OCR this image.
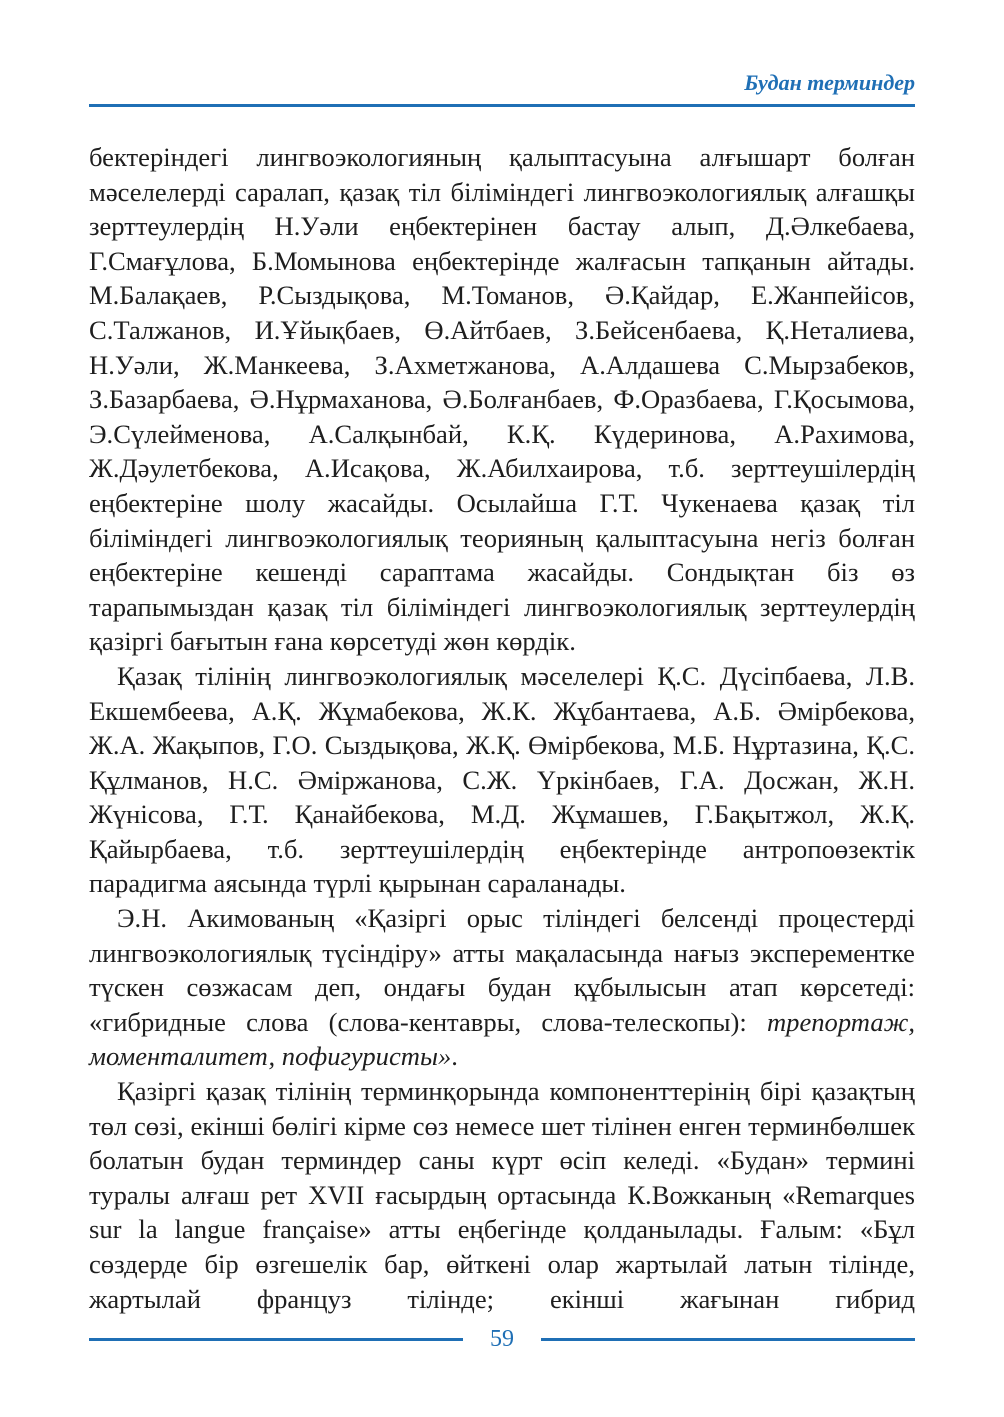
Будан терминдер

бектеріндегі лингвоэкологияның қалыптасуына алғышарт болған мәселелерді саралап, қазақ тіл біліміндегі лингвоэкологиялық алғашқы зерттеулердің Н.Уәли еңбектерінен бастау алып, Д.Әлкебаева, Г.Смағұлова, Б.Момынова еңбектерінде жалғасын тапқанын айтады. М.Балақаев, Р.Сыздықова, М.Томанов, Ә.Қайдар, Е.Жанпейісов, С.Талжанов, И.Ұйықбаев, Ө.Айтбаев, З.Бейсенбаева, Қ.Неталиева, Н.Уәли, Ж.Манкеева, З.Ахметжанова, А.Алдашева С.Мырзабеков, З.Базарбаева, Ә.Нұрмаханова, Ә.Болғанбаев, Ф.Оразбаева, Г.Қосымова, Э.Сүлейменова, А.Салқынбай, К.Қ. Күдеринова, А.Рахимова, Ж.Дәулетбекова, А.Исақова, Ж.Абилхаирова, т.б. зерттеушілердің еңбектеріне шолу жасайды. Осылайша Г.Т. Чукенаева қазақ тіл біліміндегі лингвоэкологиялық теорияның қалыптасуына негіз болған еңбектеріне кешенді сараптама жасайды. Сондықтан біз өз тарапымыздан қазақ тіл біліміндегі лингвоэкологиялық зерттеулердің қазіргі бағытын ғана көрсетуді жөн көрдік.

Қазақ тілінің лингвоэкологиялық мәселелері Қ.С. Дүсіпбаева, Л.В. Екшембеева, А.Қ. Жұмабекова, Ж.К. Жұбантаева, А.Б. Әмірбекова, Ж.А. Жақыпов, Г.О. Сыздықова, Ж.Қ. Өмірбекова, М.Б. Нұртазина, Қ.С. Құлманов, Н.С. Әміржанова, С.Ж. Үркінбаев, Г.А. Досжан, Ж.Н. Жүнісова, Г.Т. Қанайбекова, М.Д. Жұмашев, Г.Бақытжол, Ж.Қ. Қайырбаева, т.б. зерттеушілердің еңбектерінде антропоөзектік парадигма аясында түрлі қырынан сараланады.

Э.Н. Акимованың «Қазіргі орыс тіліндегі белсенді процестерді лингвоэкологиялық түсіндіру» атты мақаласында нағыз эксперементке түскен сөзжасам деп, ондағы будан құбылысын атап көрсетеді: «гибридные слова (слова-кентавры, слова-телескопы): трепортаж, моменталитет, пофигуристы».

Қазіргі қазақ тілінің терминқорында компоненттерінің бірі қазақтың төл сөзі, екінші бөлігі кірме сөз немесе шет тілінен енген терминбөлшек болатын будан терминдер саны күрт өсіп келеді. «Будан» термині туралы алғаш рет XVII ғасырдың ортасында К.Вожканың «Remarques sur la langue française» атты еңбегінде қолданылады. Ғалым: «Бұл сөздерде бір өзгешелік бар, өйткені олар жартылай латын тілінде, жартылай француз тілінде; екінші жағынан гибрид

59
